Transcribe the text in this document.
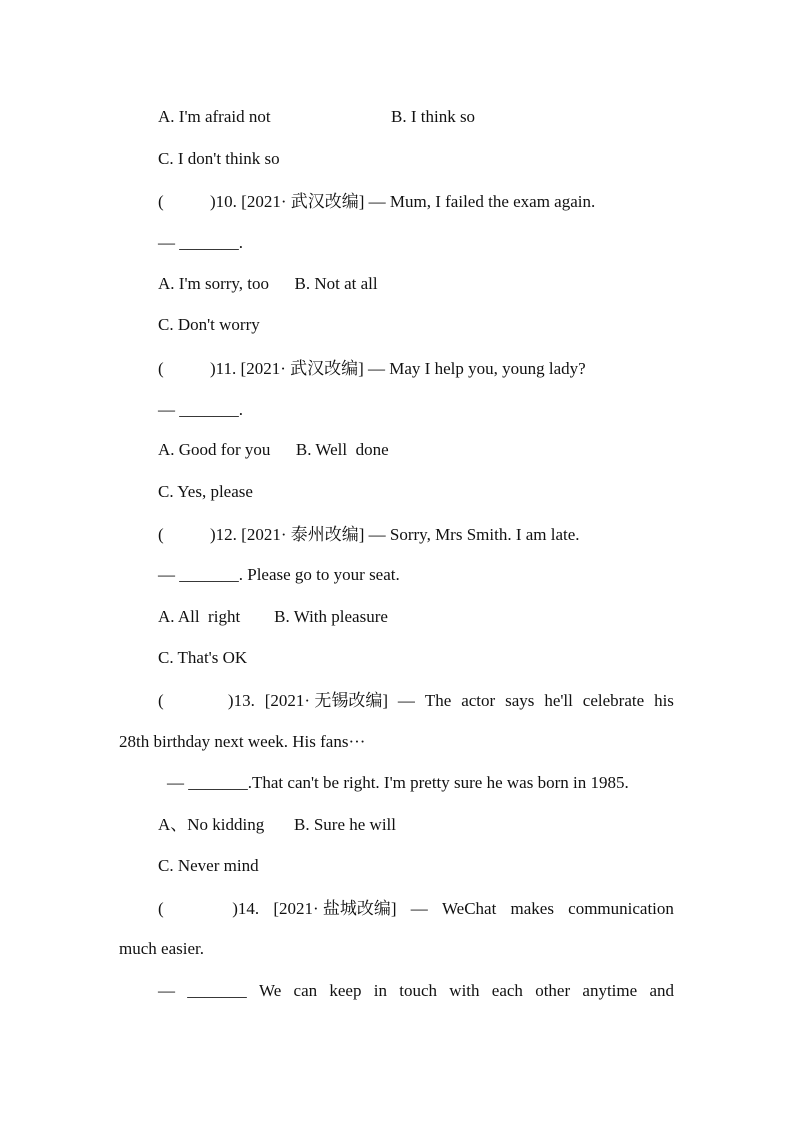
A. I'm afraid not	B. I think so
C. I don't think so
(	)10. [2021· 武汉改编] — Mum, I failed the exam again.
— _______.
A. I'm sorry, too      B. Not at all
C. Don't worry
(	)11. [2021· 武汉改编] — May I help you, young lady?
— _______.
A. Good for you      B. Well  done
C. Yes, please
(	)12. [2021· 泰州改编] — Sorry, Mrs Smith. I am late.
— _______. Please go to your seat.
A. All  right        B. With pleasure
C. That's OK
(	)13. [2021· 无锡改编] — The actor says he'll celebrate his
28th birthday next week. His fans···
— _______.That can't be right. I'm pretty sure he was born in 1985.
A、No kidding       B. Sure he will
C. Never mind
(	)14. [2021· 盐城改编] — WeChat makes communication
much easier.
— _______ We can keep in touch with each other anytime and
